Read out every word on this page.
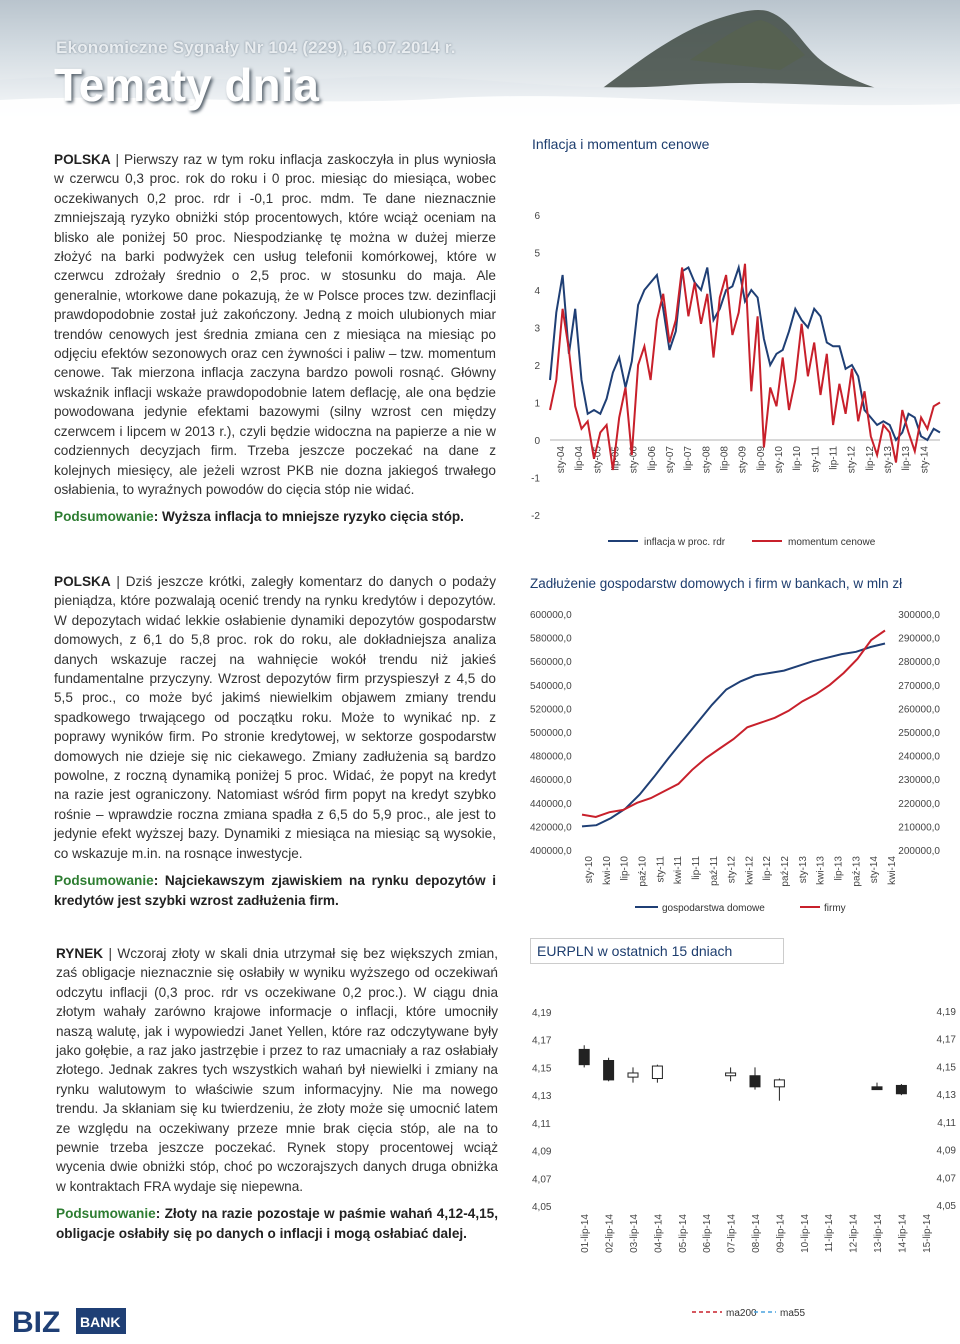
Ekonomiczne Sygnały Nr 104 (229), 16.07.2014 r.
Tematy dnia

POLSKA | Pierwszy raz w tym roku inflacja zaskoczyła in plus wyniosła w czerwcu 0,3 proc. rok do roku i 0 proc. miesiąc do miesiąca, wobec oczekiwanych 0,2 proc. rdr i -0,1 proc. mdm. Te dane nieznacznie zmniejszają ryzyko obniżki stóp procentowych, które wciąż oceniam na blisko ale poniżej 50 proc. Niespodziankę tę można w dużej mierze złożyć na barki podwyżek cen usług telefonii komórkowej, które w czerwcu zdrożały średnio o 2,5 proc. w stosunku do maja. Ale generalnie, wtorkowe dane pokazują, że w Polsce proces tzw. dezinflacji prawdopodobnie został już zakończony. Jedną z moich ulubionych miar trendów cenowych jest średnia zmiana cen z miesiąca na miesiąc po odjęciu efektów sezonowych oraz cen żywności i paliw – tzw. momentum cenowe. Tak mierzona inflacja zaczyna bardzo powoli rosnąć. Główny wskaźnik inflacji wskaże prawdopodobnie latem deflację, ale ona będzie powodowana jedynie efektami bazowymi (silny wzrost cen między czerwcem i lipcem w 2013 r.), czyli będzie widoczna na papierze a nie w codziennych decyzjach firm. Trzeba jeszcze poczekać na dane z kolejnych miesięcy, ale jeżeli wzrost PKB nie dozna jakiegoś trwałego osłabienia, to wyraźnych powodów do cięcia stóp nie widać.

Podsumowanie: Wyższa inflacja to mniejsze ryzyko cięcia stóp.

POLSKA | Dziś jeszcze krótki, zaległy komentarz do danych o podaży pieniądza, które pozwalają ocenić trendy na rynku kredytów i depozytów. W depozytach widać lekkie osłabienie dynamiki depozytów gospodarstw domowych, z 6,1 do 5,8 proc. rok do roku, ale dokładniejsza analiza danych wskazuje raczej na wahnięcie wokół trendu niż jakieś fundamentalne przyczyny. Wzrost depozytów firm przyspieszył z 4,5 do 5,5 proc., co może być jakimś niewielkim objawem zmiany trendu spadkowego trwającego od początku roku. Może to wynikać np. z poprawy wyników firm. Po stronie kredytowej, w sektorze gospodarstw domowych nie dzieje się nic ciekawego. Zmiany zadłużenia są bardzo powolne, z roczną dynamiką poniżej 5 proc. Widać, że popyt na kredyt na razie jest ograniczony. Natomiast wśród firm popyt na kredyt szybko rośnie – wprawdzie roczna zmiana spadła z 6,5 do 5,9 proc., ale jest to jedynie efekt wyższej bazy. Dynamiki z miesiąca na miesiąc są wysokie, co wskazuje m.in. na rosnące inwestycje.

Podsumowanie: Najciekawszym zjawiskiem na rynku depozytów i kredytów jest szybki wzrost zadłużenia firm.

RYNEK | Wczoraj złoty w skali dnia utrzymał się bez większych zmian, zaś obligacje nieznacznie się osłabiły w wyniku wyższego od oczekiwań odczytu inflacji (0,3 proc. rdr vs oczekiwane 0,2 proc.). W ciągu dnia złotym wahały zarówno krajowe informacje o inflacji, które umocniły naszą walutę, jak i wypowiedzi Janet Yellen, które raz odczytywane były jako gołębie, a raz jako jastrzębie i przez to raz umacniały a raz osłabiały złotego. Jednak zakres tych wszystkich wahań był niewielki i zmiany na rynku walutowym to właściwie szum informacyjny. Nie ma nowego trendu. Ja skłaniam się ku twierdzeniu, że złoty może się umocnić latem ze względu na oczekiwany przeze mnie brak cięcia stóp, ale na to pewnie trzeba jeszcze poczekać. Rynek stopy procentowej wciąż wycenia dwie obniżki stóp, choć po wczorajszych danych druga obniżka w kontraktach FRA wydaje się niepewna.

Podsumowanie: Złoty na razie pozostaje w paśmie wahań 4,12-4,15, obligacje osłabiły się po danych o inflacji i mogą osłabiać dalej.

Inflacja i momentum cenowe
-2
-1
0
1
2
3
4
5
6
sty-04 lip-04 sty-05 lip-05 sty-06 lip-06 sty-07 lip-07 sty-08 lip-08 sty-09 lip-09 sty-10 lip-10 sty-11 lip-11 sty-12 lip-12 sty-13 lip-13 sty-14
inflacja w proc. rdr	momentum cenowe
Zadłużenie gospodarstw domowych i firm w bankach, w mln zł
400000,0
420000,0
440000,0
460000,0
480000,0
500000,0
520000,0
540000,0
560000,0
580000,0
600000,0
200000,0
210000,0
220000,0
230000,0
240000,0
250000,0
260000,0
270000,0
280000,0
290000,0
300000,0
sty-10 kwi-10 lip-10 paź-10 sty-11 kwi-11 lip-11 paź-11 sty-12 kwi-12 lip-12 paź-12 sty-13 kwi-13 lip-13 paź-13 sty-14 kwi-14
gospodarstwa domowe	firmy
EURPLN w ostatnich 15 dniach
4,05	4,05
4,07	4,07
4,09	4,09
4,11	4,11
4,13	4,13
4,15	4,15
4,17	4,17
4,19	4,19
01-lip-14 02-lip-14 03-lip-14 04-lip-14 05-lip-14 06-lip-14 07-lip-14 08-lip-14 09-lip-14 10-lip-14 11-lip-14 12-lip-14 13-lip-14 14-lip-14 15-lip-14
ma200 ma55
BIZ BANK
BIZ BANK
